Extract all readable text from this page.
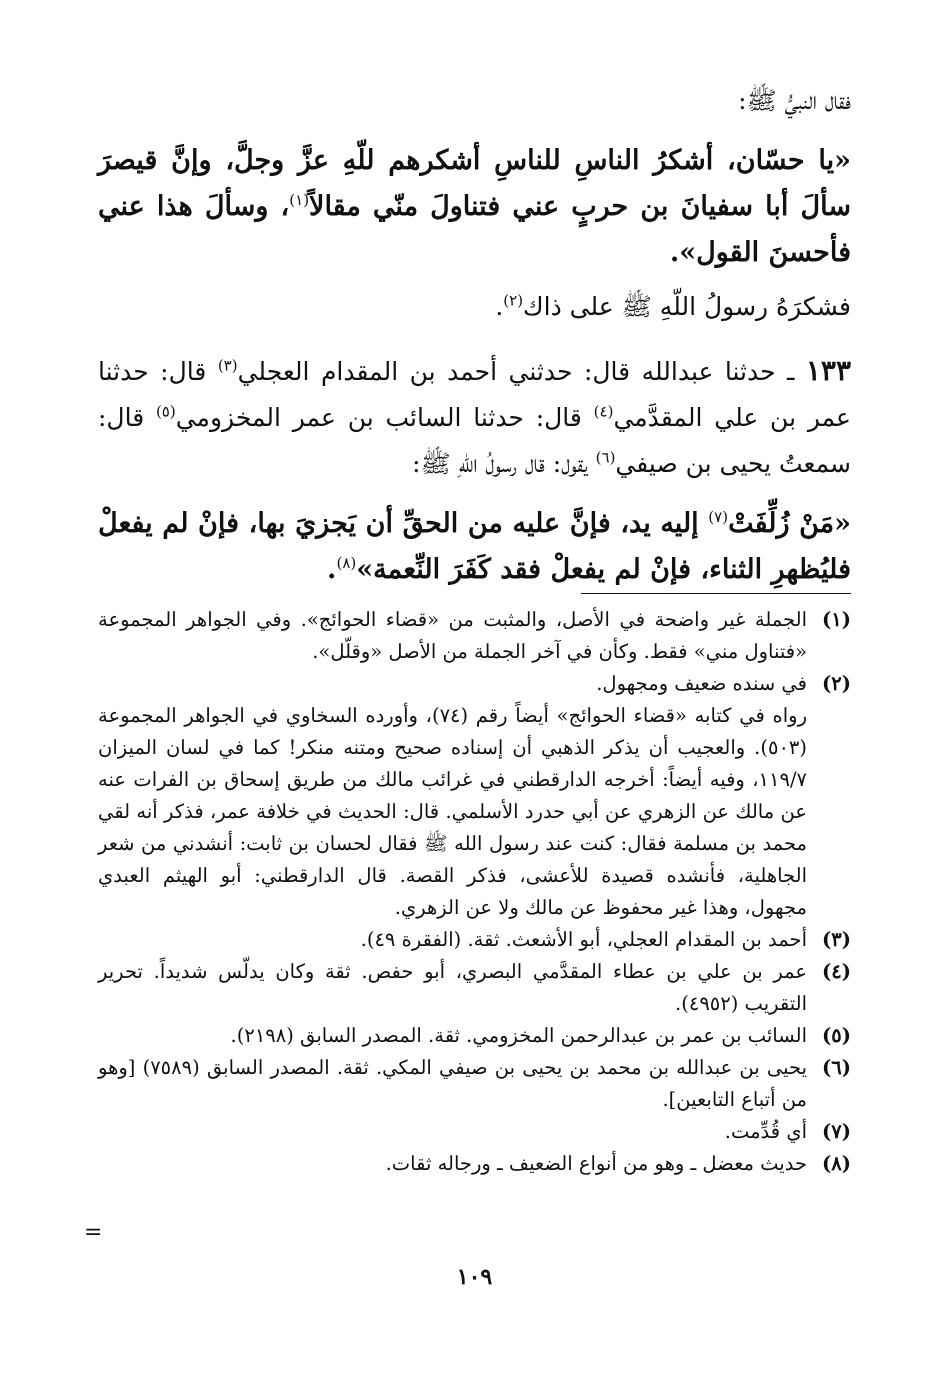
فقال النبيُّ ﷺ:

«يا حسّان، أشكرُ الناسِ للناسِ أشكرهم للّهِ عزَّ وجلَّ، وإنَّ قيصرَ سألَ أبا سفيانَ بن حربٍ عني فتناولَ منّي مقالاً$^{(١)}$، وسألَ هذا عني فأحسنَ القول».

فشكرَهُ رسولُ اللّهِ ﷺ على ذاك$^{(٢)}$.

١٣٣ ـ حدثنا عبدالله قال: حدثني أحمد بن المقدام العجلي$^{(٣)}$ قال: حدثنا عمر بن علي المقدَّمي$^{(٤)}$ قال: حدثنا السائب بن عمر المخزومي$^{(٥)}$ قال: سمعتُ يحيى بن صيفي$^{(٦)}$ يقول: قال رسولُ اللّهِ ﷺ:

«مَنْ زُلِّفَتْ$^{(٧)}$ إليه يد، فإنَّ عليه من الحقِّ أن يَجزيَ بها، فإنْ لم يفعلْ فليُظهرِ الثناء، فإنْ لم يفعلْ فقد كَفَرَ النِّعمة»$^{(٨)}$.

(١)

الجملة غير واضحة في الأصل، والمثبت من «قضاء الحوائج». وفي الجواهر المجموعة «فتناول مني» فقط. وكأن في آخر الجملة من الأصل «وقلّل».

(٢)

في سنده ضعيف ومجهول.

رواه في كتابه «قضاء الحوائج» أيضاً رقم (٧٤)، وأورده السخاوي في الجواهر المجموعة (٥٠٣). والعجيب أن يذكر الذهبي أن إسناده صحيح ومتنه منكر! كما في لسان الميزان ١١٩/٧، وفيه أيضاً: أخرجه الدارقطني في غرائب مالك من طريق إسحاق بن الفرات عنه عن مالك عن الزهري عن أبي حدرد الأسلمي. قال: الحديث في خلافة عمر، فذكر أنه لقي محمد بن مسلمة فقال: كنت عند رسول الله ﷺ فقال لحسان بن ثابت: أنشدني من شعر الجاهلية، فأنشده قصيدة للأعشى، فذكر القصة. قال الدارقطني: أبو الهيثم العبدي مجهول، وهذا غير محفوظ عن مالك ولا عن الزهري.

(٣)

أحمد بن المقدام العجلي، أبو الأشعث. ثقة. (الفقرة ٤٩).

(٤)

عمر بن علي بن عطاء المقدَّمي البصري، أبو حفص. ثقة وكان يدلّس شديداً. تحرير التقريب (٤٩٥٢).

(٥)

السائب بن عمر بن عبدالرحمن المخزومي. ثقة. المصدر السابق (٢١٩٨).

(٦)

يحيى بن عبدالله بن محمد بن يحيى بن صيفي المكي. ثقة. المصدر السابق (٧٥٨٩) [وهو من أتباع التابعين].

(٧)

أي قُدِّمت.

(٨)

حديث معضل ـ وهو من أنواع الضعيف ـ ورجاله ثقات.

=
١٠٩
